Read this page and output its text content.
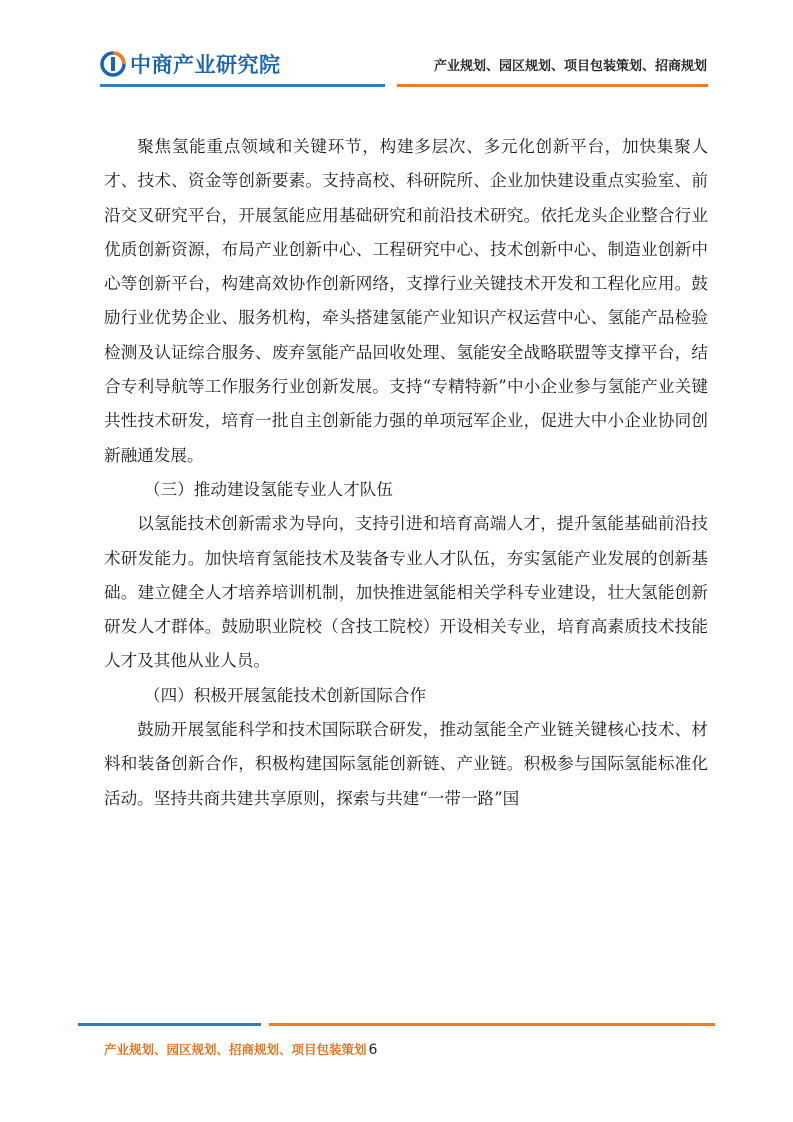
中商产业研究院	产业规划、园区规划、项目包装策划、招商规划

聚焦氢能重点领域和关键环节，构建多层次、多元化创新平台，加快集聚人才、技术、资金等创新要素。支持高校、科研院所、企业加快建设重点实验室、前沿交叉研究平台，开展氢能应用基础研究和前沿技术研究。依托龙头企业整合行业优质创新资源，布局产业创新中心、工程研究中心、技术创新中心、制造业创新中心等创新平台，构建高效协作创新网络，支撑行业关键技术开发和工程化应用。鼓励行业优势企业、服务机构，牵头搭建氢能产业知识产权运营中心、氢能产品检验检测及认证综合服务、废弃氢能产品回收处理、氢能安全战略联盟等支撑平台，结合专利导航等工作服务行业创新发展。支持“专精特新”中小企业参与氢能产业关键共性技术研发，培育一批自主创新能力强的单项冠军企业，促进大中小企业协同创新融通发展。

（三）推动建设氢能专业人才队伍

以氢能技术创新需求为导向，支持引进和培育高端人才，提升氢能基础前沿技术研发能力。加快培育氢能技术及装备专业人才队伍，夯实氢能产业发展的创新基础。建立健全人才培养培训机制，加快推进氢能相关学科专业建设，壮大氢能创新研发人才群体。鼓励职业院校（含技工院校）开设相关专业，培育高素质技术技能人才及其他从业人员。

（四）积极开展氢能技术创新国际合作

鼓励开展氢能科学和技术国际联合研发，推动氢能全产业链关键核心技术、材料和装备创新合作，积极构建国际氢能创新链、产业链。积极参与国际氢能标准化活动。坚持共商共建共享原则，探索与共建“一带一路”国

产业规划、园区规划、招商规划、项目包装策划 6
